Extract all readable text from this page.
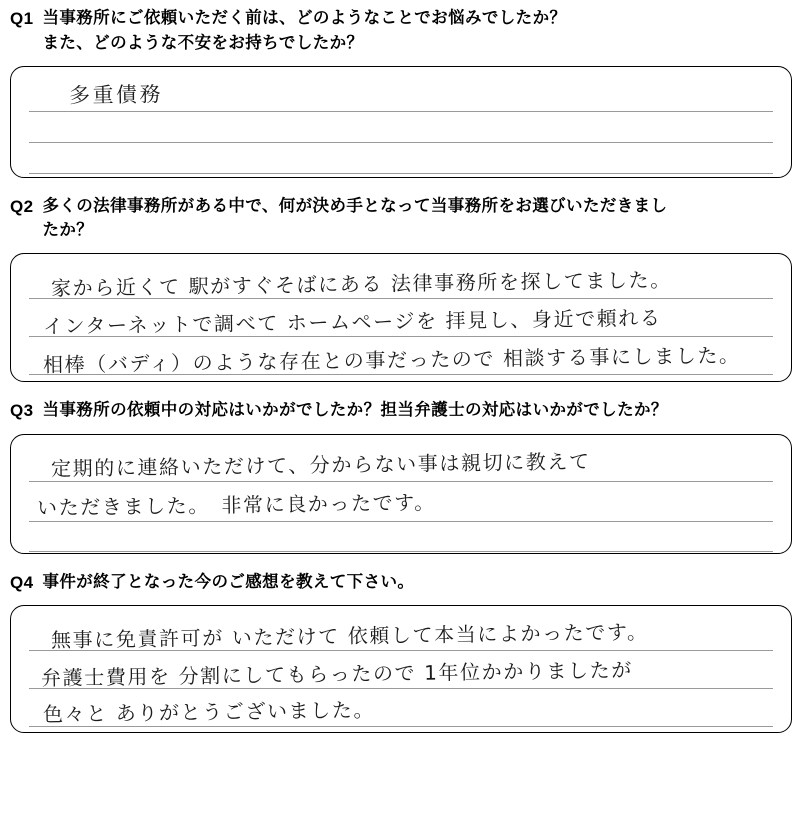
Q1 当事務所にご依頼いただく前は、どのようなことでお悩みでしたか？
また、どのような不安をお持ちでしたか？
多重債務
Q2 多くの法律事務所がある中で、何が決め手となって当事務所をお選びいただきまし
たか？
家から近くて 駅がすぐそばにある 法律事務所を探してました。
インターネットで調べて ホームページを 拝見し、身近で頼れる
相棒（バディ）のような存在との事だったので 相談する事にしました。
Q3 当事務所の依頼中の対応はいかがでしたか？担当弁護士の対応はいかがでしたか？
定期的に連絡いただけて、分からない事は親切に教えて
いただきました。　非常に良かったです。
Q4 事件が終了となった今のご感想を教えて下さい。
無事に免責許可が いただけて 依頼して本当によかったです。
弁護士費用を 分割にしてもらったので 1年位かかりましたが
色々と ありがとうございました。
